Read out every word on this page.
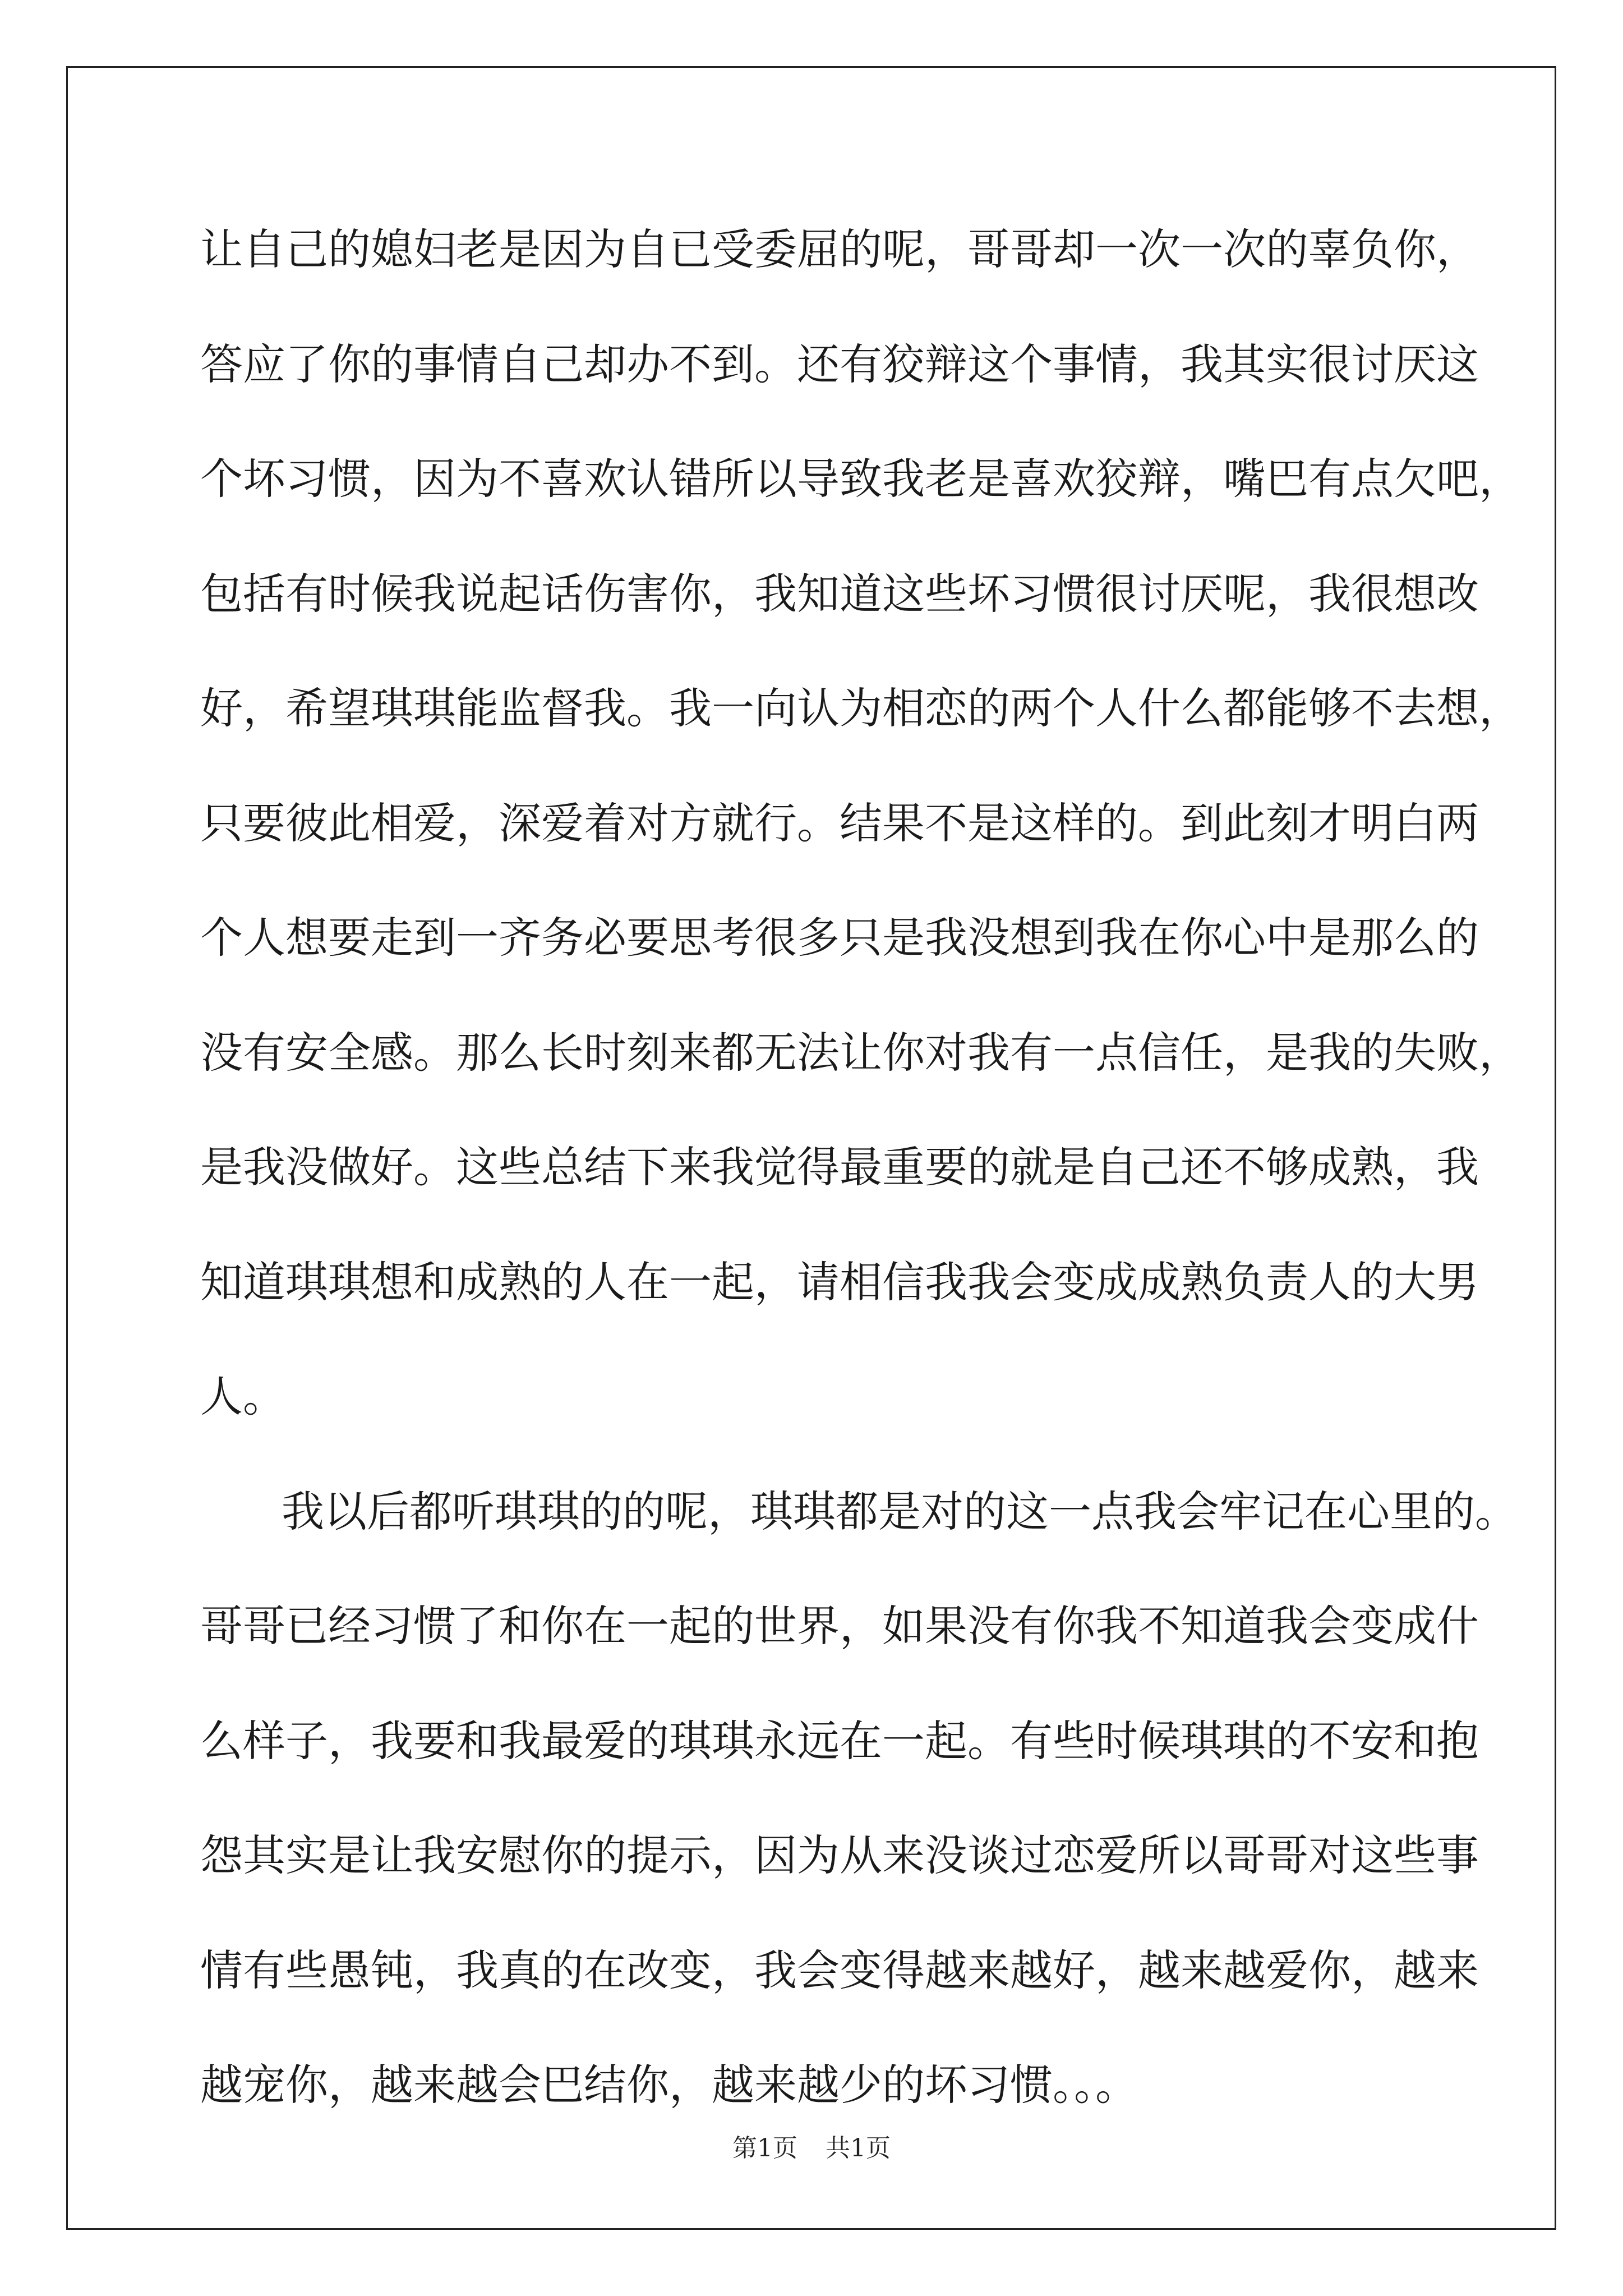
让自己的媳妇老是因为自已受委屈的呢，哥哥却一次一次的辜负你，
答应了你的事情自己却办不到。还有狡辩这个事情，我其实很讨厌这
个坏习惯，因为不喜欢认错所以导致我老是喜欢狡辩，嘴巴有点欠吧，
包括有时候我说起话伤害你，我知道这些坏习惯很讨厌呢，我很想改
好，希望琪琪能监督我。我一向认为相恋的两个人什么都能够不去想，
只要彼此相爱，深爱着对方就行。结果不是这样的。到此刻才明白两
个人想要走到一齐务必要思考很多只是我没想到我在你心中是那么的
没有安全感。那么长时刻来都无法让你对我有一点信任，是我的失败，
是我没做好。这些总结下来我觉得最重要的就是自己还不够成熟，我
知道琪琪想和成熟的人在一起，请相信我我会变成成熟负责人的大男
人。
我以后都听琪琪的的呢，琪琪都是对的这一点我会牢记在心里的。
哥哥已经习惯了和你在一起的世界，如果没有你我不知道我会变成什
么样子，我要和我最爱的琪琪永远在一起。有些时候琪琪的不安和抱
怨其实是让我安慰你的提示，因为从来没谈过恋爱所以哥哥对这些事
情有些愚钝，我真的在改变，我会变得越来越好，越来越爱你，越来
越宠你，越来越会巴结你，越来越少的坏习惯。。。
第1页 共1页
